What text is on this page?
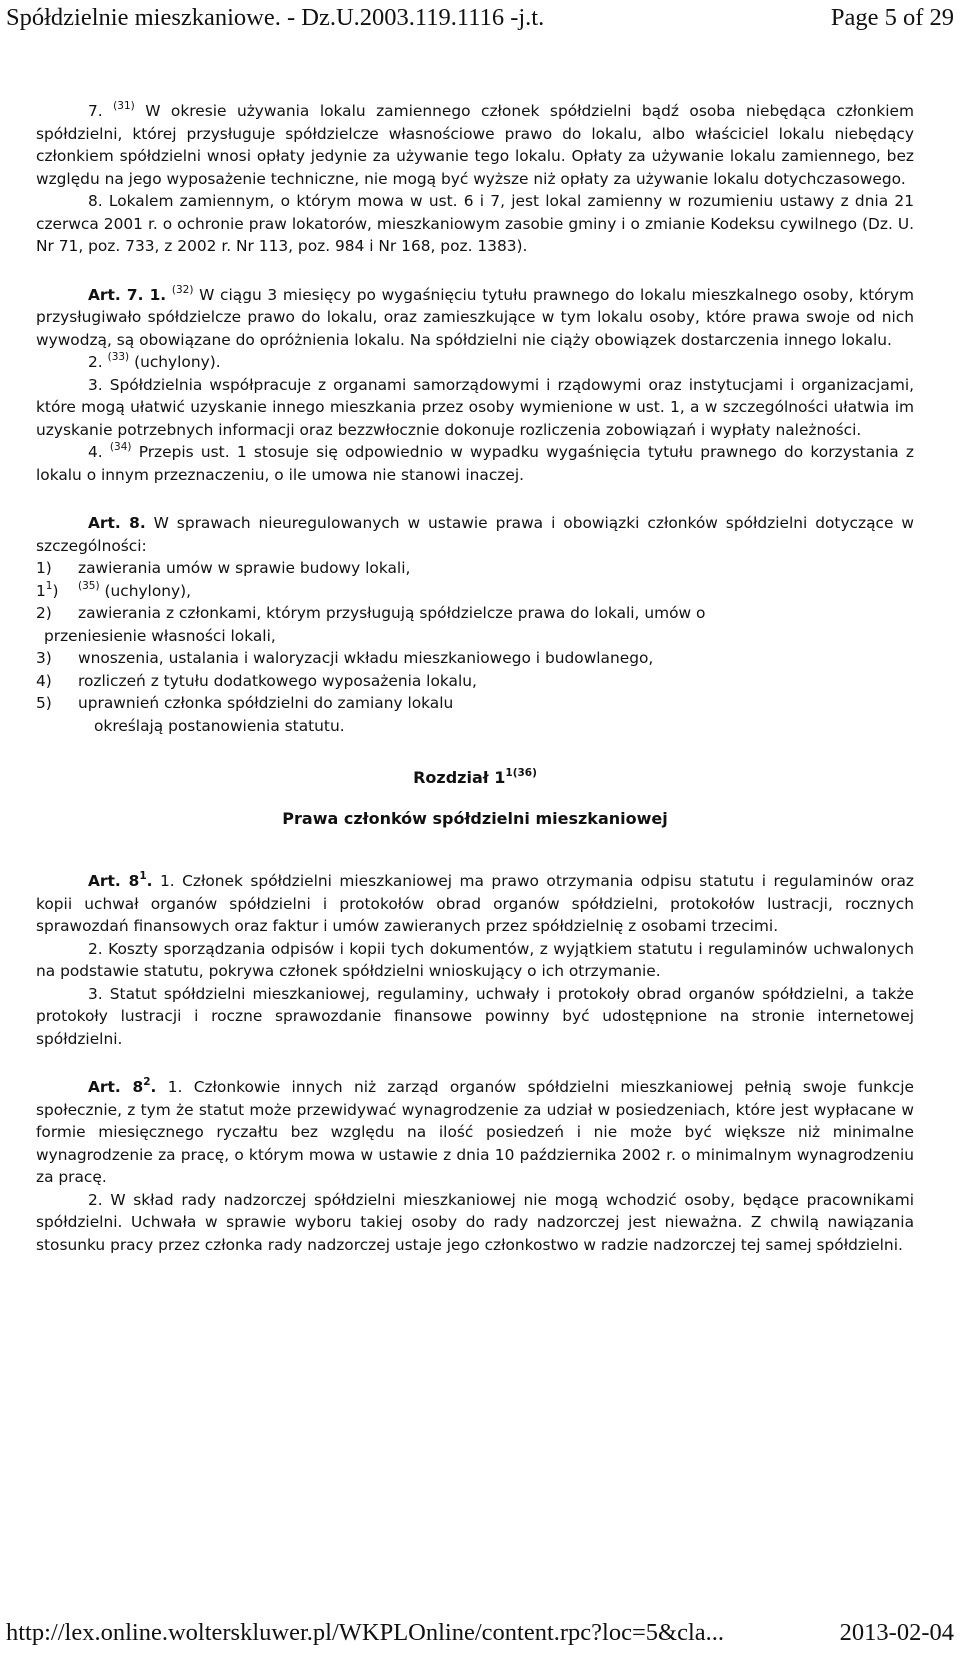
Spółdzielnie mieszkaniowe. - Dz.U.2003.119.1116 -j.t.	Page 5 of 29

7. $^{(31)}$ W okresie używania lokalu zamiennego członek spółdzielni bądź osoba niebędąca członkiem spółdzielni, której przysługuje spółdzielcze własnościowe prawo do lokalu, albo właściciel lokalu niebędący członkiem spółdzielni wnosi opłaty jedynie za używanie tego lokalu. Opłaty za używanie lokalu zamiennego, bez względu na jego wyposażenie techniczne, nie mogą być wyższe niż opłaty za używanie lokalu dotychczasowego.

8. Lokalem zamiennym, o którym mowa w ust. 6 i 7, jest lokal zamienny w rozumieniu ustawy z dnia 21 czerwca 2001 r. o ochronie praw lokatorów, mieszkaniowym zasobie gminy i o zmianie Kodeksu cywilnego (Dz. U. Nr 71, poz. 733, z 2002 r. Nr 113, poz. 984 i Nr 168, poz. 1383).

Art. 7. 1. $^{(32)}$ W ciągu 3 miesięcy po wygaśnięciu tytułu prawnego do lokalu mieszkalnego osoby, którym przysługiwało spółdzielcze prawo do lokalu, oraz zamieszkujące w tym lokalu osoby, które prawa swoje od nich wywodzą, są obowiązane do opróżnienia lokalu. Na spółdzielni nie ciąży obowiązek dostarczenia innego lokalu.

2. $^{(33)}$ (uchylony).

3. Spółdzielnia współpracuje z organami samorządowymi i rządowymi oraz instytucjami i organizacjami, które mogą ułatwić uzyskanie innego mieszkania przez osoby wymienione w ust. 1, a w szczególności ułatwia im uzyskanie potrzebnych informacji oraz bezzwłocznie dokonuje rozliczenia zobowiązań i wypłaty należności.

4. $^{(34)}$ Przepis ust. 1 stosuje się odpowiednio w wypadku wygaśnięcia tytułu prawnego do korzystania z lokalu o innym przeznaczeniu, o ile umowa nie stanowi inaczej.

Art. 8. W sprawach nieuregulowanych w ustawie prawa i obowiązki członków spółdzielni dotyczące w szczególności:

1) zawierania umów w sprawie budowy lokali,

$1^1$) $^{(35)}$ (uchylony),

2) zawierania z członkami, którym przysługują spółdzielcze prawa do lokali, umów o

przeniesienie własności lokali,

3) wnoszenia, ustalania i waloryzacji wkładu mieszkaniowego i budowlanego,

4) rozliczeń z tytułu dodatkowego wyposażenia lokalu,

5) uprawnień członka spółdzielni do zamiany lokalu

określają postanowienia statutu.

Rozdział $1^{1(36)}$

Prawa członków spółdzielni mieszkaniowej

Art. $8^1$. 1. Członek spółdzielni mieszkaniowej ma prawo otrzymania odpisu statutu i regulaminów oraz kopii uchwał organów spółdzielni i protokołów obrad organów spółdzielni, protokołów lustracji, rocznych sprawozdań finansowych oraz faktur i umów zawieranych przez spółdzielnię z osobami trzecimi.

2. Koszty sporządzania odpisów i kopii tych dokumentów, z wyjątkiem statutu i regulaminów uchwalonych na podstawie statutu, pokrywa członek spółdzielni wnioskujący o ich otrzymanie.

3. Statut spółdzielni mieszkaniowej, regulaminy, uchwały i protokoły obrad organów spółdzielni, a także protokoły lustracji i roczne sprawozdanie finansowe powinny być udostępnione na stronie internetowej spółdzielni.

Art. $8^2$. 1. Członkowie innych niż zarząd organów spółdzielni mieszkaniowej pełnią swoje funkcje społecznie, z tym że statut może przewidywać wynagrodzenie za udział w posiedzeniach, które jest wypłacane w formie miesięcznego ryczałtu bez względu na ilość posiedzeń i nie może być większe niż minimalne wynagrodzenie za pracę, o którym mowa w ustawie z dnia 10 października 2002 r. o minimalnym wynagrodzeniu za pracę.

2. W skład rady nadzorczej spółdzielni mieszkaniowej nie mogą wchodzić osoby, będące pracownikami spółdzielni. Uchwała w sprawie wyboru takiej osoby do rady nadzorczej jest nieważna. Z chwilą nawiązania stosunku pracy przez członka rady nadzorczej ustaje jego członkostwo w radzie nadzorczej tej samej spółdzielni.

http://lex.online.wolterskluwer.pl/WKPLOnline/content.rpc?loc=5&cla...	2013-02-04
